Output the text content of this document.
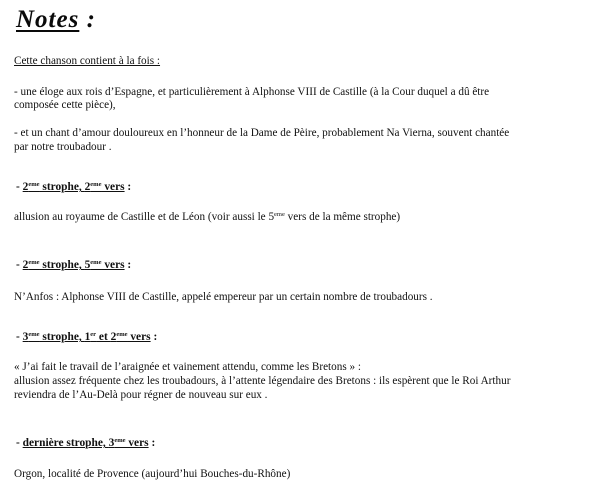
Notes :
Cette chanson contient à la fois :
- une éloge aux rois d’Espagne, et particulièrement à Alphonse VIII de Castille (à la Cour duquel a dû être
composée cette pièce),
- et un chant d’amour douloureux en l’honneur de la Dame de Pèire, probablement Na Vierna, souvent chantée
par notre troubadour .
- 2eme strophe, 2eme vers :
allusion au royaume de Castille et de Léon (voir aussi le 5eme vers de la même strophe)
- 2eme strophe, 5eme vers :
N’Anfos : Alphonse VIII de Castille, appelé empereur par un certain nombre de troubadours .
- 3eme strophe, 1er et 2eme vers :
« J’ai fait le travail de l’araignée et vainement attendu, comme les Bretons » :
allusion assez fréquente chez les troubadours, à l’attente légendaire des Bretons : ils espèrent que le Roi Arthur
reviendra de l’Au-Delà pour régner de nouveau sur eux .
- dernière strophe, 3eme vers :
Orgon, localité de Provence (aujourd’hui Bouches-du-Rhône)
